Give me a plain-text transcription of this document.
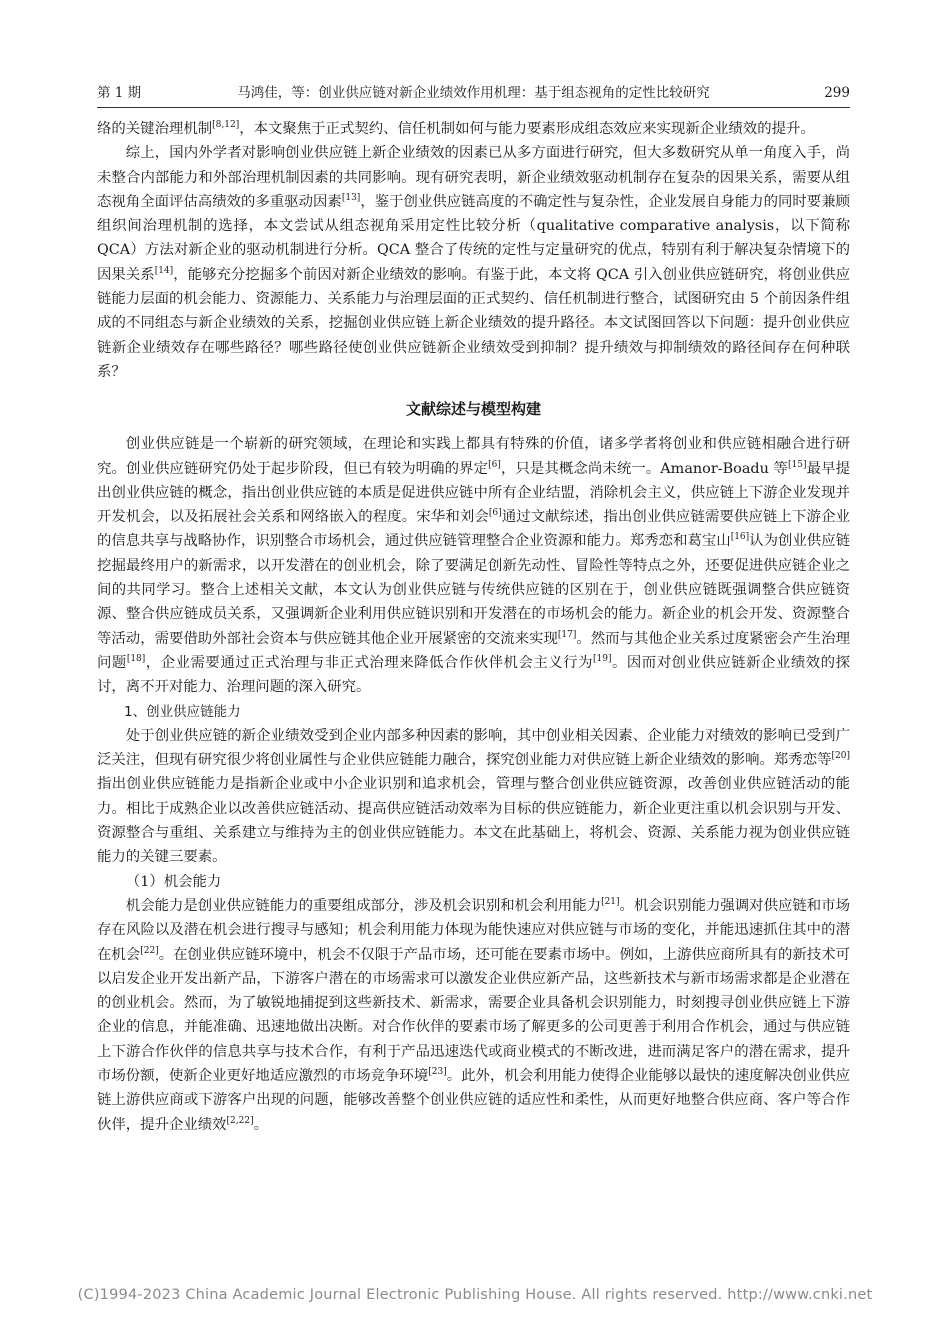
第 1 期	马鸿佳，等：创业供应链对新企业绩效作用机理：基于组态视角的定性比较研究	299

络的关键治理机制[8,12]，本文聚焦于正式契约、信任机制如何与能力要素形成组态效应来实现新企业绩效的提升。

综上，国内外学者对影响创业供应链上新企业绩效的因素已从多方面进行研究，但大多数研究从单一角度入手，尚未整合内部能力和外部治理机制因素的共同影响。现有研究表明，新企业绩效驱动机制存在复杂的因果关系，需要从组态视角全面评估高绩效的多重驱动因素[13]，鉴于创业供应链高度的不确定性与复杂性，企业发展自身能力的同时要兼顾组织间治理机制的选择，本文尝试从组态视角采用定性比较分析（qualitative comparative analysis，以下简称 QCA）方法对新企业的驱动机制进行分析。QCA 整合了传统的定性与定量研究的优点，特别有利于解决复杂情境下的因果关系[14]，能够充分挖掘多个前因对新企业绩效的影响。有鉴于此，本文将 QCA 引入创业供应链研究，将创业供应链能力层面的机会能力、资源能力、关系能力与治理层面的正式契约、信任机制进行整合，试图研究由 5 个前因条件组成的不同组态与新企业绩效的关系，挖掘创业供应链上新企业绩效的提升路径。本文试图回答以下问题：提升创业供应链新企业绩效存在哪些路径？哪些路径使创业供应链新企业绩效受到抑制？提升绩效与抑制绩效的路径间存在何种联系？

文献综述与模型构建

创业供应链是一个崭新的研究领域，在理论和实践上都具有特殊的价值，诸多学者将创业和供应链相融合进行研究。创业供应链研究仍处于起步阶段，但已有较为明确的界定[6]，只是其概念尚未统一。Amanor-Boadu 等[15]最早提出创业供应链的概念，指出创业供应链的本质是促进供应链中所有企业结盟，消除机会主义，供应链上下游企业发现并开发机会，以及拓展社会关系和网络嵌入的程度。宋华和刘会[6]通过文献综述，指出创业供应链需要供应链上下游企业的信息共享与战略协作，识别整合市场机会，通过供应链管理整合企业资源和能力。郑秀恋和葛宝山[16]认为创业供应链挖掘最终用户的新需求，以开发潜在的创业机会，除了要满足创新先动性、冒险性等特点之外，还要促进供应链企业之间的共同学习。整合上述相关文献，本文认为创业供应链与传统供应链的区别在于，创业供应链既强调整合供应链资源、整合供应链成员关系，又强调新企业利用供应链识别和开发潜在的市场机会的能力。新企业的机会开发、资源整合等活动，需要借助外部社会资本与供应链其他企业开展紧密的交流来实现[17]。然而与其他企业关系过度紧密会产生治理问题[18]，企业需要通过正式治理与非正式治理来降低合作伙伴机会主义行为[19]。因而对创业供应链新企业绩效的探讨，离不开对能力、治理问题的深入研究。

1、创业供应链能力

处于创业供应链的新企业绩效受到企业内部多种因素的影响，其中创业相关因素、企业能力对绩效的影响已受到广泛关注，但现有研究很少将创业属性与企业供应链能力融合，探究创业能力对供应链上新企业绩效的影响。郑秀恋等[20]指出创业供应链能力是指新企业或中小企业识别和追求机会，管理与整合创业供应链资源，改善创业供应链活动的能力。相比于成熟企业以改善供应链活动、提高供应链活动效率为目标的供应链能力，新企业更注重以机会识别与开发、资源整合与重组、关系建立与维持为主的创业供应链能力。本文在此基础上，将机会、资源、关系能力视为创业供应链能力的关键三要素。

（1）机会能力

机会能力是创业供应链能力的重要组成部分，涉及机会识别和机会利用能力[21]。机会识别能力强调对供应链和市场存在风险以及潜在机会进行搜寻与感知；机会利用能力体现为能快速应对供应链与市场的变化，并能迅速抓住其中的潜在机会[22]。在创业供应链环境中，机会不仅限于产品市场，还可能在要素市场中。例如，上游供应商所具有的新技术可以启发企业开发出新产品，下游客户潜在的市场需求可以激发企业供应新产品，这些新技术与新市场需求都是企业潜在的创业机会。然而，为了敏锐地捕捉到这些新技术、新需求，需要企业具备机会识别能力，时刻搜寻创业供应链上下游企业的信息，并能准确、迅速地做出决断。对合作伙伴的要素市场了解更多的公司更善于利用合作机会，通过与供应链上下游合作伙伴的信息共享与技术合作，有利于产品迅速迭代或商业模式的不断改进，进而满足客户的潜在需求，提升市场份额，使新企业更好地适应激烈的市场竞争环境[23]。此外，机会利用能力使得企业能够以最快的速度解决创业供应链上游供应商或下游客户出现的问题，能够改善整个创业供应链的适应性和柔性，从而更好地整合供应商、客户等合作伙伴，提升企业绩效[2,22]。

(C)1994-2023 China Academic Journal Electronic Publishing House. All rights reserved. http://www.cnki.net
